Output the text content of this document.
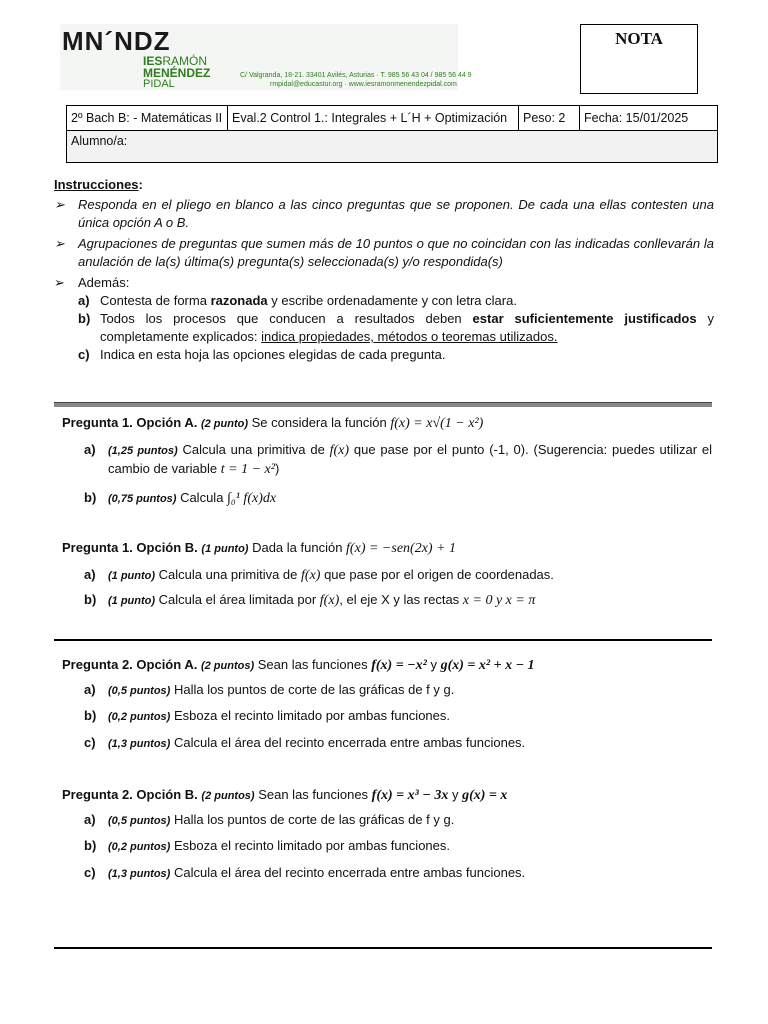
MN´NDZ
IESRAMÓN
MENÉNDEZ
PIDAL
C/ Valgranda, 18-21. 33401 Avilés, Asturias · T. 985 56 43 04 / 985 56 44 9
rmpidal@educastur.org · www.iesramonmenendezpidal.com
NOTA
2º Bach B: - Matemáticas II	Eval.2 Control 1.: Integrales + L´H + Optimización	Peso: 2	Fecha: 15/01/2025
Alumno/a:
Instrucciones:
➢ Responda en el pliego en blanco a las cinco preguntas que se proponen. De cada una ellas contesten una única opción A o B.
➢ Agrupaciones de preguntas que sumen más de 10 puntos o que no coincidan con las indicadas conllevarán la anulación de la(s) última(s) pregunta(s) seleccionada(s) y/o respondida(s)
➢ Además:
a) Contesta de forma razonada y escribe ordenadamente y con letra clara.
b) Todos los procesos que conducen a resultados deben estar suficientemente justificados y completamente explicados: indica propiedades, métodos o teoremas utilizados.
c) Indica en esta hoja las opciones elegidas de cada pregunta.
Pregunta 1. Opción A. (2 punto) Se considera la función f(x) = x√(1 − x²)
a) (1,25 puntos) Calcula una primitiva de f(x) que pase por el punto (-1, 0). (Sugerencia: puedes utilizar el cambio de variable t = 1 − x²)
b) (0,75 puntos) Calcula ∫₀¹ f(x)dx
Pregunta 1. Opción B. (1 punto) Dada la función f(x) = −sen(2x) + 1
a) (1 punto) Calcula una primitiva de f(x) que pase por el origen de coordenadas.
b) (1 punto) Calcula el área limitada por f(x), el eje X y las rectas x = 0 y x = π
Pregunta 2. Opción A. (2 puntos) Sean las funciones f(x) = −x² y g(x) = x² + x − 1
a) (0,5 puntos) Halla los puntos de corte de las gráficas de f y g.
b) (0,2 puntos) Esboza el recinto limitado por ambas funciones.
c) (1,3 puntos) Calcula el área del recinto encerrada entre ambas funciones.
Pregunta 2. Opción B. (2 puntos) Sean las funciones f(x) = x³ − 3x y g(x) = x
a) (0,5 puntos) Halla los puntos de corte de las gráficas de f y g.
b) (0,2 puntos) Esboza el recinto limitado por ambas funciones.
c) (1,3 puntos) Calcula el área del recinto encerrada entre ambas funciones.
